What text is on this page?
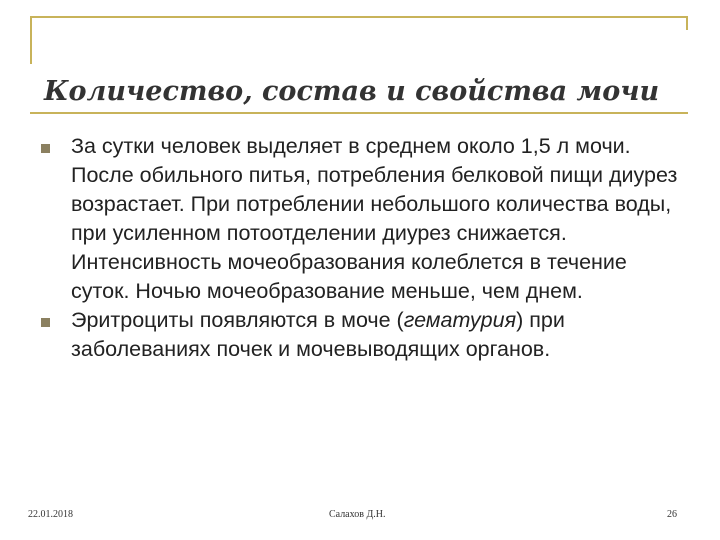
Количество, состав и свойства мочи
За сутки человек выделяет в среднем около 1,5 л мочи. После обильного питья, потребления белковой пищи диурез возрастает. При потреблении небольшого количества воды, при усиленном потоотделении диурез снижается. Интенсивность мочеобразования колеблется в течение суток. Ночью мочеобразование меньше, чем днем.
Эритроциты появляются в моче (гематурия) при заболеваниях почек и мочевыводящих органов.
22.01.2018	Салахов Д.Н.	26
